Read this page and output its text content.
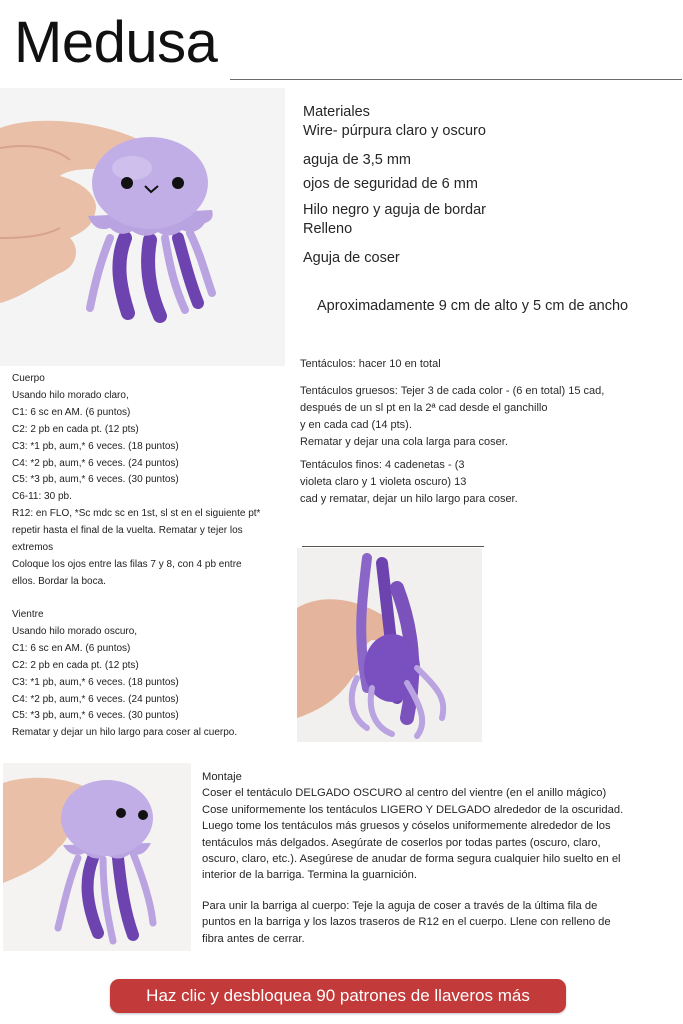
Medusa
Materiales
Wire- púrpura claro y oscuro
aguja de 3,5 mm
ojos de seguridad de 6 mm
Hilo negro y aguja de bordar
Relleno
Aguja de coser
Aproximadamente 9 cm de alto y 5 cm de ancho

Tentáculos: hacer 10 en total

Tentáculos gruesos: Tejer 3 de cada color - (6 en total) 15 cad,
después de un sl pt en la 2ª cad desde el ganchillo
y en cada cad (14 pts).
Rematar y dejar una cola larga para coser.

Tentáculos finos: 4 cadenetas - (3
violeta claro y 1 violeta oscuro) 13
cad y rematar, dejar un hilo largo para coser.

Cuerpo
Usando hilo morado claro,
C1: 6 sc en AM. (6 puntos)
C2: 2 pb en cada pt. (12 pts)
C3: *1 pb, aum,* 6 veces. (18 puntos)
C4: *2 pb, aum,* 6 veces. (24 puntos)
C5: *3 pb, aum,* 6 veces. (30 puntos)
C6-11: 30 pb.
R12: en FLO, *Sc mdc sc en 1st, sl st en el siguiente pt*
repetir hasta el final de la vuelta. Rematar y tejer los
extremos
Coloque los ojos entre las filas 7 y 8, con 4 pb entre
ellos. Bordar la boca.
Vientre
Usando hilo morado oscuro,
C1: 6 sc en AM. (6 puntos)
C2: 2 pb en cada pt. (12 pts)
C3: *1 pb, aum,* 6 veces. (18 puntos)
C4: *2 pb, aum,* 6 veces. (24 puntos)
C5: *3 pb, aum,* 6 veces. (30 puntos)
Rematar y dejar un hilo largo para coser al cuerpo.
Montaje

Coser el tentáculo DELGADO OSCURO al centro del vientre (en el anillo mágico)
Cose uniformemente los tentáculos LIGERO Y DELGADO alrededor de la oscuridad.
Luego tome los tentáculos más gruesos y cóselos uniformemente alrededor de los
tentáculos más delgados. Asegúrate de coserlos por todas partes (oscuro, claro,
oscuro, claro, etc.). Asegúrese de anudar de forma segura cualquier hilo suelto en el
interior de la barriga. Termina la guarnición.

Para unir la barriga al cuerpo: Teje la aguja de coser a través de la última fila de
puntos en la barriga y los lazos traseros de R12 en el cuerpo. Llene con relleno de
fibra antes de cerrar.

Haz clic y desbloquea 90 patrones de llaveros más
